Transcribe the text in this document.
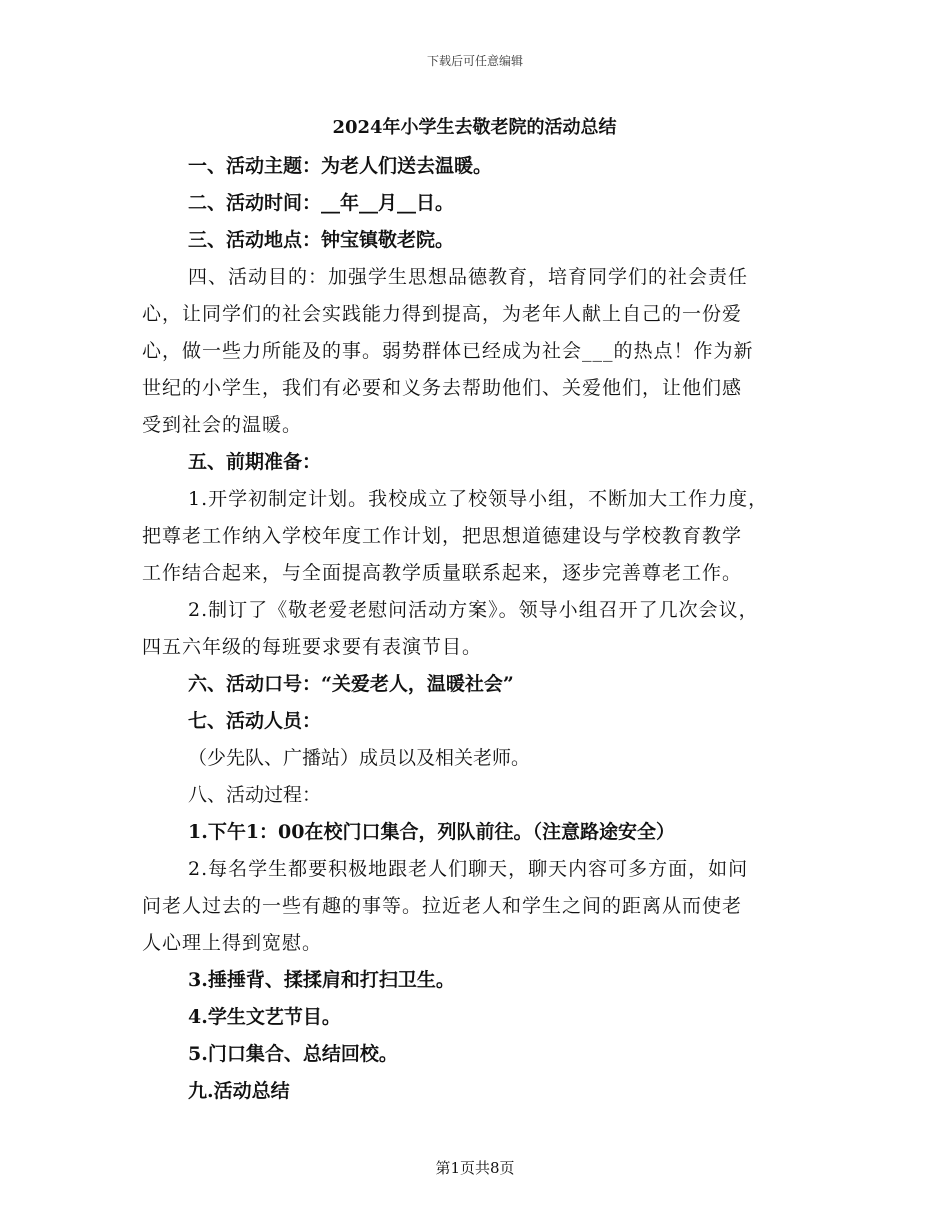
下载后可任意编辑

2024年小学生去敬老院的活动总结

一、活动主题：为老人们送去温暖。

二、活动时间：__年__月__日。

三、活动地点：钟宝镇敬老院。

四、活动目的：加强学生思想品德教育，培育同学们的社会责任
心，让同学们的社会实践能力得到提高，为老年人献上自己的一份爱
心，做一些力所能及的事。弱势群体已经成为社会___的热点！作为新
世纪的小学生，我们有必要和义务去帮助他们、关爱他们，让他们感
受到社会的温暖。

五、前期准备：

1.开学初制定计划。我校成立了校领导小组，不断加大工作力度，
把尊老工作纳入学校年度工作计划，把思想道德建设与学校教育教学
工作结合起来，与全面提高教学质量联系起来，逐步完善尊老工作。

2.制订了《敬老爱老慰问活动方案》。领导小组召开了几次会议，
四五六年级的每班要求要有表演节目。

六、活动口号：“关爱老人，温暖社会”

七、活动人员：

（少先队、广播站）成员以及相关老师。

八、活动过程：

1.下午1：00在校门口集合，列队前往。（注意路途安全）

2.每名学生都要积极地跟老人们聊天，聊天内容可多方面，如问
问老人过去的一些有趣的事等。拉近老人和学生之间的距离从而使老
人心理上得到宽慰。

3.捶捶背、揉揉肩和打扫卫生。

4.学生文艺节目。

5.门口集合、总结回校。

九.活动总结

第1页共8页
